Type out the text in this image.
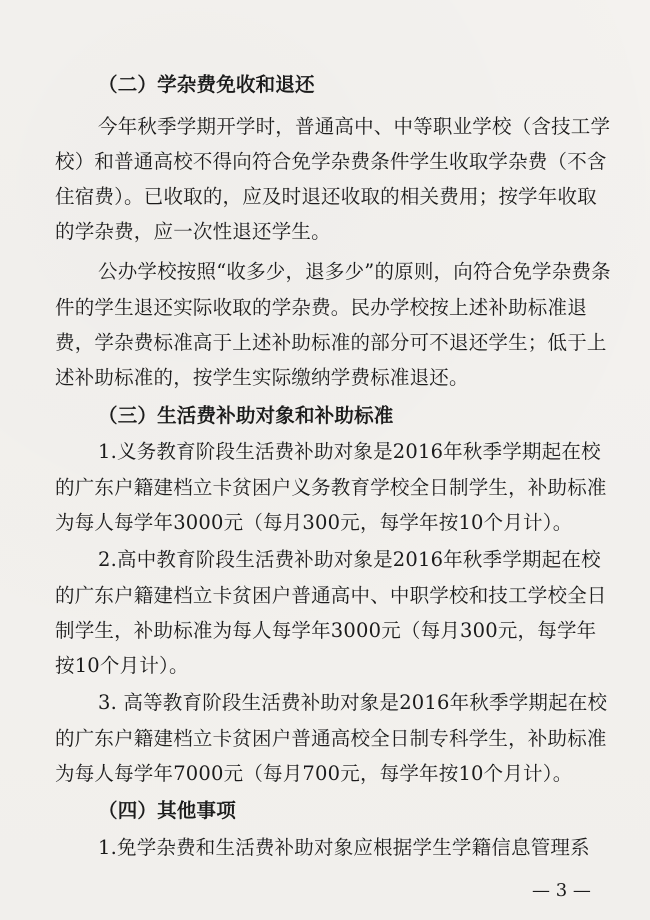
（二）学杂费免收和退还
今年秋季学期开学时，普通高中、中等职业学校（含技工学
校）和普通高校不得向符合免学杂费条件学生收取学杂费（不含
住宿费）。已收取的，应及时退还收取的相关费用；按学年收取
的学杂费，应一次性退还学生。
公办学校按照“收多少，退多少”的原则，向符合免学杂费条
件的学生退还实际收取的学杂费。民办学校按上述补助标准退
费，学杂费标准高于上述补助标准的部分可不退还学生；低于上
述补助标准的，按学生实际缴纳学费标准退还。
（三）生活费补助对象和补助标准
1.义务教育阶段生活费补助对象是2016年秋季学期起在校
的广东户籍建档立卡贫困户义务教育学校全日制学生，补助标准
为每人每学年3000元（每月300元，每学年按10个月计）。
2.高中教育阶段生活费补助对象是2016年秋季学期起在校
的广东户籍建档立卡贫困户普通高中、中职学校和技工学校全日
制学生，补助标准为每人每学年3000元（每月300元，每学年
按10个月计）。
3. 高等教育阶段生活费补助对象是2016年秋季学期起在校
的广东户籍建档立卡贫困户普通高校全日制专科学生，补助标准
为每人每学年7000元（每月700元，每学年按10个月计）。
（四）其他事项
1.免学杂费和生活费补助对象应根据学生学籍信息管理系
— 3 —
